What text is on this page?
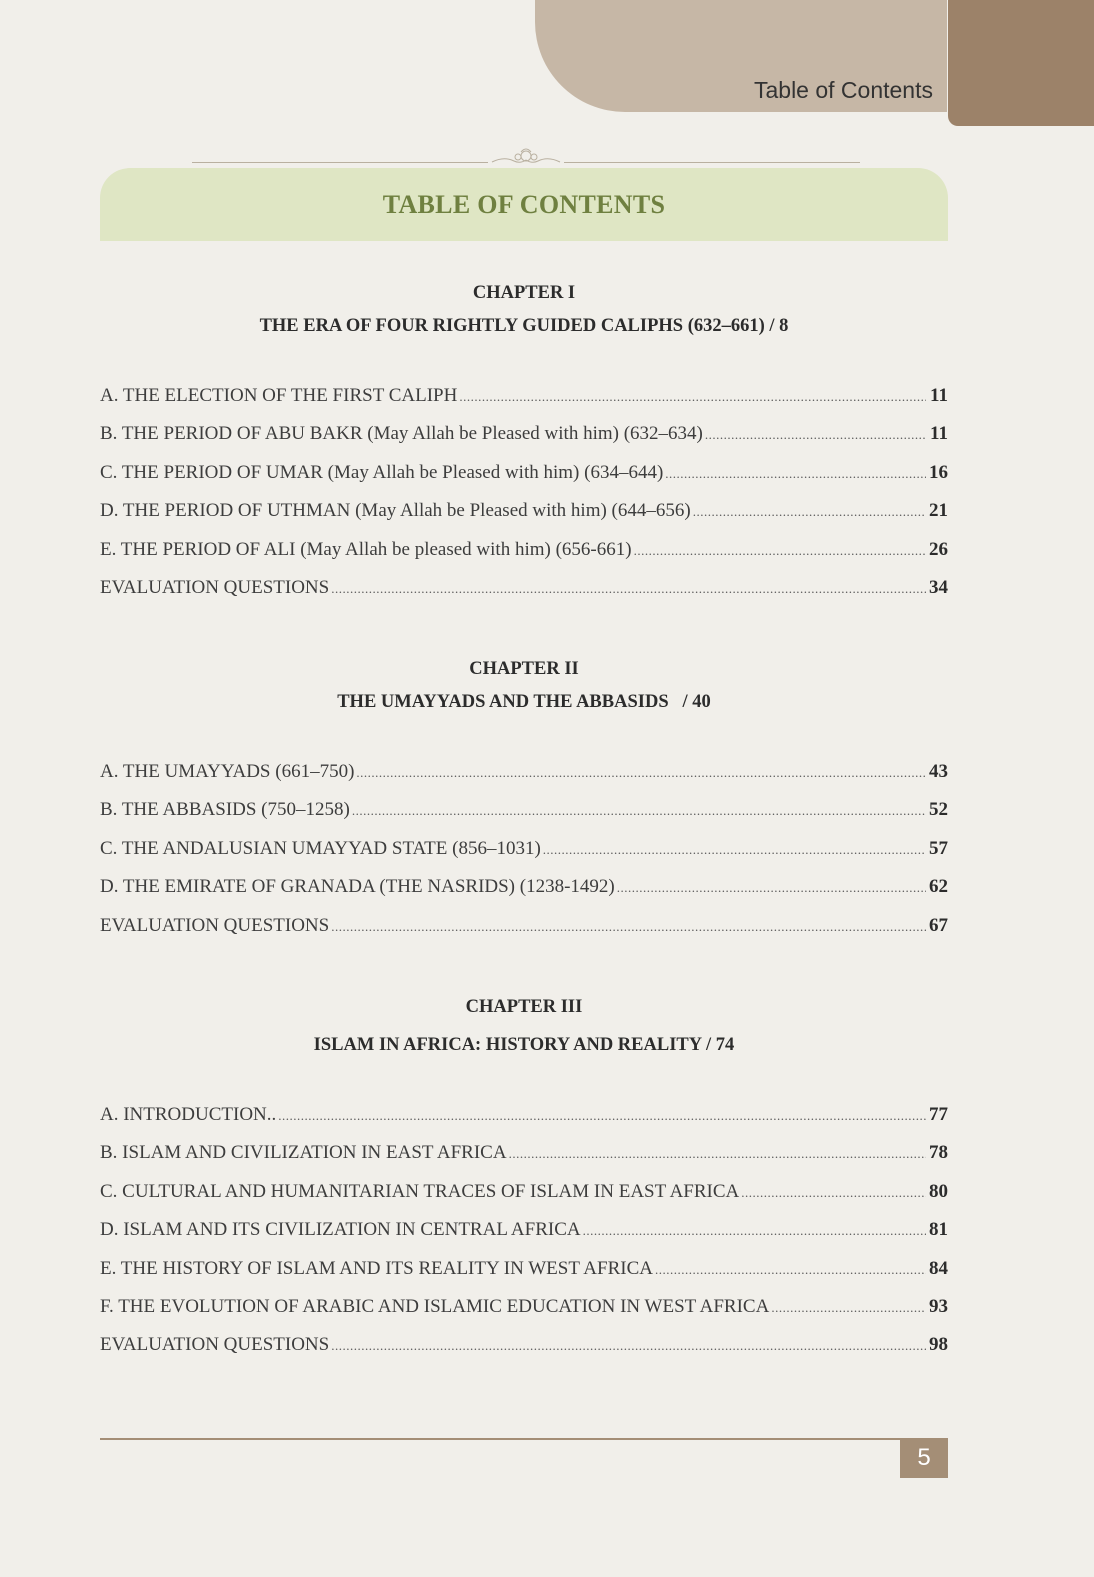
Table of Contents
TABLE OF CONTENTS
CHAPTER I
THE ERA OF FOUR RIGHTLY GUIDED CALIPHS (632–661) / 8
A. THE ELECTION OF THE FIRST CALIPH .....	11
B. THE PERIOD OF ABU BAKR (May Allah be Pleased with him) (632–634) .....	11
C. THE PERIOD OF UMAR (May Allah be Pleased with him) (634–644) .....	16
D. THE PERIOD OF UTHMAN (May Allah be Pleased with him) (644–656) .....	21
E. THE PERIOD OF ALI (May Allah be pleased with him) (656-661) .....	26
EVALUATION QUESTIONS .....	34
CHAPTER II
THE UMAYYADS AND THE ABBASIDS   / 40
A. THE UMAYYADS (661–750) .....	43
B. THE ABBASIDS (750–1258) .....	52
C. THE ANDALUSIAN UMAYYAD STATE (856–1031) .....	57
D. THE EMIRATE OF GRANADA (THE NASRIDS) (1238-1492) .....	62
EVALUATION QUESTIONS .....	67
CHAPTER III
ISLAM IN AFRICA: HISTORY AND REALITY / 74
A. INTRODUCTION.. .....	77
B. ISLAM AND CIVILIZATION IN EAST AFRICA .....	78
C. CULTURAL AND HUMANITARIAN TRACES OF ISLAM IN EAST AFRICA .....	80
D. ISLAM AND ITS CIVILIZATION IN CENTRAL AFRICA .....	81
E. THE HISTORY OF ISLAM AND ITS REALITY IN WEST AFRICA .....	84
F. THE EVOLUTION OF ARABIC AND ISLAMIC EDUCATION IN WEST AFRICA .....	93
EVALUATION QUESTIONS .....	98
5
